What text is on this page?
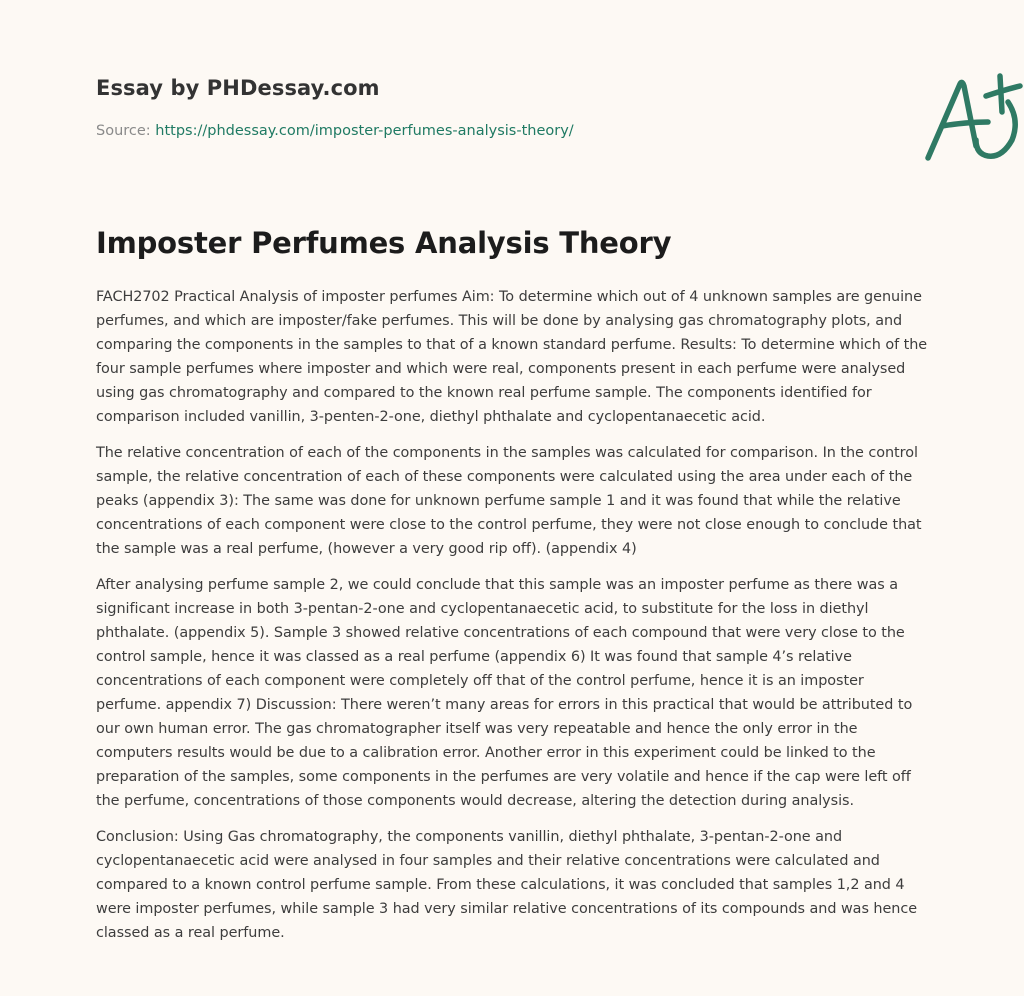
Essay by PHDessay.com
Source: https://phdessay.com/imposter-perfumes-analysis-theory/
Imposter Perfumes Analysis Theory

FACH2702 Practical Analysis of imposter perfumes Aim: To determine which out of 4 unknown samples are genuine perfumes, and which are imposter/fake perfumes. This will be done by analysing gas chromatography plots, and comparing the components in the samples to that of a known standard perfume. Results: To determine which of the four sample perfumes where imposter and which were real, components present in each perfume were analysed using gas chromatography and compared to the known real perfume sample. The components identified for comparison included vanillin, 3-penten-2-one, diethyl phthalate and cyclopentanaecetic acid.

The relative concentration of each of the components in the samples was calculated for comparison. In the control sample, the relative concentration of each of these components were calculated using the area under each of the peaks (appendix 3): The same was done for unknown perfume sample 1 and it was found that while the relative concentrations of each component were close to the control perfume, they were not close enough to conclude that the sample was a real perfume, (however a very good rip off). (appendix 4)

After analysing perfume sample 2, we could conclude that this sample was an imposter perfume as there was a significant increase in both 3-pentan-2-one and cyclopentanaecetic acid, to substitute for the loss in diethyl phthalate. (appendix 5). Sample 3 showed relative concentrations of each compound that were very close to the control sample, hence it was classed as a real perfume (appendix 6) It was found that sample 4’s relative concentrations of each component were completely off that of the control perfume, hence it is an imposter perfume. appendix 7) Discussion: There weren’t many areas for errors in this practical that would be attributed to our own human error. The gas chromatographer itself was very repeatable and hence the only error in the computers results would be due to a calibration error. Another error in this experiment could be linked to the preparation of the samples, some components in the perfumes are very volatile and hence if the cap were left off the perfume, concentrations of those components would decrease, altering the detection during analysis.

Conclusion: Using Gas chromatography, the components vanillin, diethyl phthalate, 3-pentan-2-one and cyclopentanaecetic acid were analysed in four samples and their relative concentrations were calculated and compared to a known control perfume sample. From these calculations, it was concluded that samples 1,2 and 4 were imposter perfumes, while sample 3 had very similar relative concentrations of its compounds and was hence classed as a real perfume.
